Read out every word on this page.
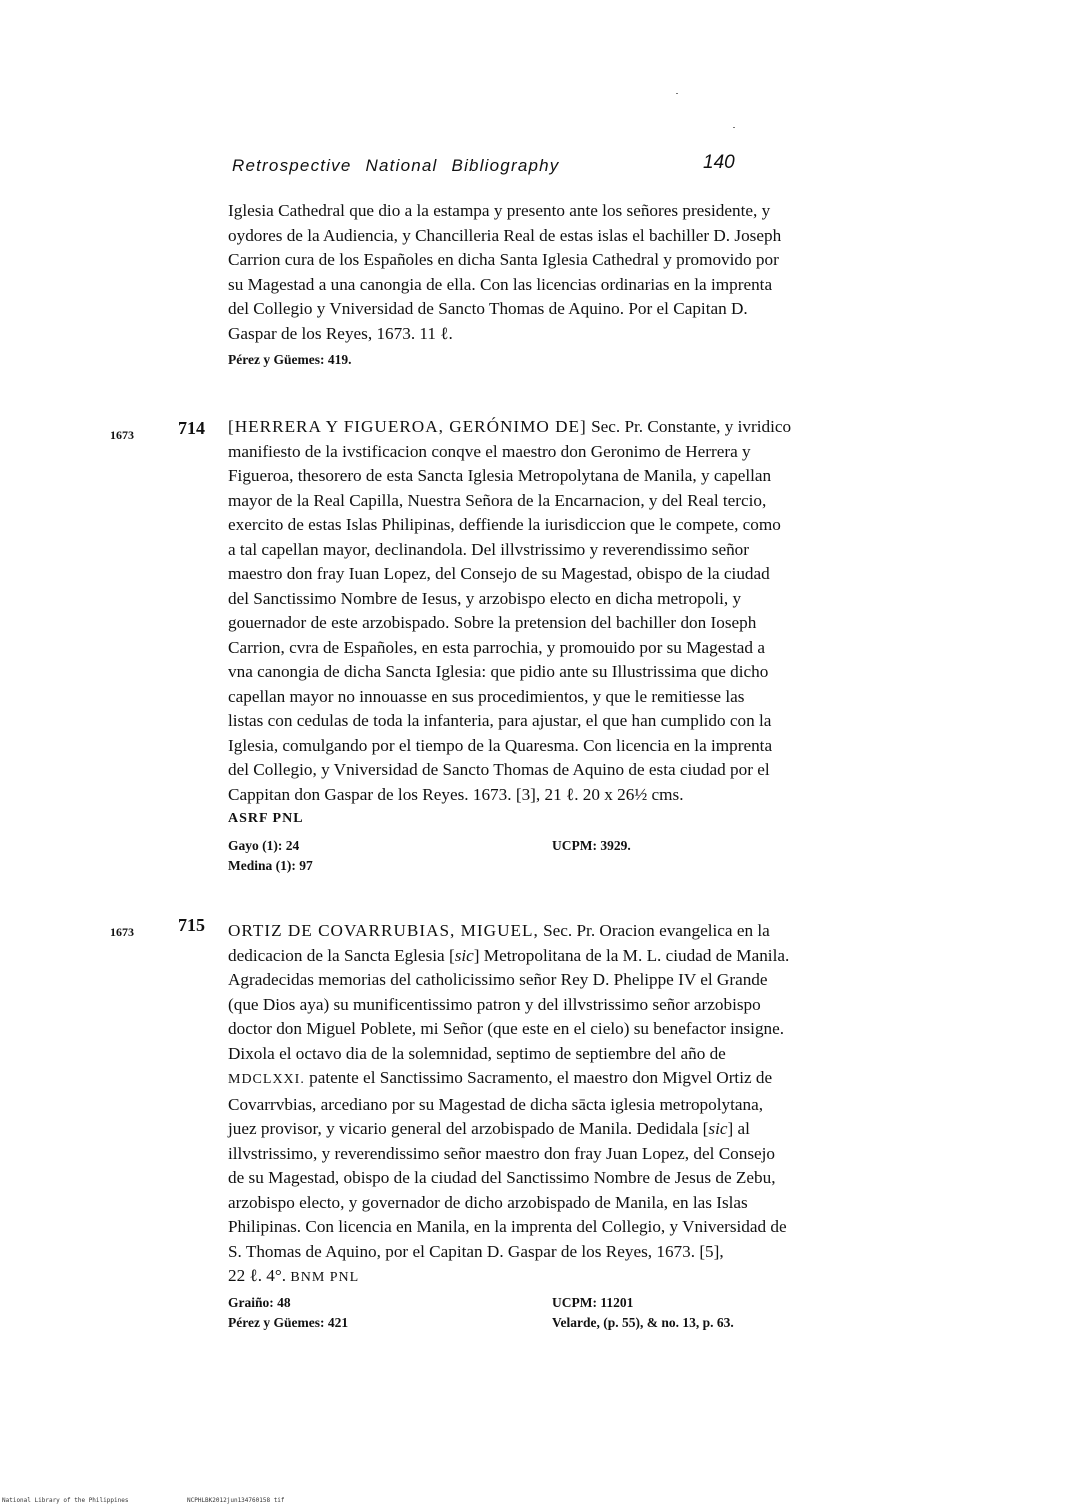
Retrospective National Bibliography	140
Iglesia Cathedral que dio a la estampa y presento ante los señores presidente, y
oydores de la Audiencia, y Chancilleria Real de estas islas el bachiller D. Joseph
Carrion cura de los Españoles en dicha Santa Iglesia Cathedral y promovido por
su Magestad a una canongia de ella. Con las licencias ordinarias en la imprenta
del Collegio y Vniversidad de Sancto Thomas de Aquino. Por el Capitan D.
Gaspar de los Reyes, 1673. 11 ℓ.
Pérez y Güemes: 419.
1673 714 [HERRERA Y FIGUEROA, GERÓNIMO DE] Sec. Pr. Constante, y ivridico
manifiesto de la ivstificacion conqve el maestro don Geronimo de Herrera y
Figueroa, thesorero de esta Sancta Iglesia Metropolytana de Manila, y capellan
mayor de la Real Capilla, Nuestra Señora de la Encarnacion, y del Real tercio,
exercito de estas Islas Philipinas, deffiende la iurisdiccion que le compete, como
a tal capellan mayor, declinandola. Del illvstrissimo y reverendissimo señor
maestro don fray Iuan Lopez, del Consejo de su Magestad, obispo de la ciudad
del Sanctissimo Nombre de Iesus, y arzobispo electo en dicha metropoli, y
gouernador de este arzobispado. Sobre la pretension del bachiller don Ioseph
Carrion, cvra de Españoles, en esta parrochia, y promouido por su Magestad a
vna canongia de dicha Sancta Iglesia: que pidio ante su Illustrissima que dicho
capellan mayor no innouasse en sus procedimientos, y que le remitiesse las
listas con cedulas de toda la infanteria, para ajustar, el que han cumplido con la
Iglesia, comulgando por el tiempo de la Quaresma. Con licencia en la imprenta
del Collegio, y Vniversidad de Sancto Thomas de Aquino de esta ciudad por el
Cappitan don Gaspar de los Reyes. 1673. [3], 21 ℓ. 20 x 26½ cms.
ASRF PNL
Gayo (1): 24
Medina (1): 97
UCPM: 3929.
1673 715 ORTIZ DE COVARRUBIAS, MIGUEL, Sec. Pr. Oracion evangelica en la
dedicacion de la Sancta Eglesia [sic] Metropolitana de la M. L. ciudad de Manila.
Agradecidas memorias del catholicissimo señor Rey D. Phelippe IV el Grande
(que Dios aya) su munificentissimo patron y del illvstrissimo señor arzobispo
doctor don Miguel Poblete, mi Señor (que este en el cielo) su benefactor insigne.
Dixola el octavo dia de la solemnidad, septimo de septiembre del año de
MDCLXXI. patente el Sanctissimo Sacramento, el maestro don Migvel Ortiz de
Covarrvbias, arcediano por su Magestad de dicha sācta iglesia metropolytana,
juez provisor, y vicario general del arzobispado de Manila. Dedidala [sic] al
illvstrissimo, y reverendissimo señor maestro don fray Juan Lopez, del Consejo
de su Magestad, obispo de la ciudad del Sanctissimo Nombre de Jesus de Zebu,
arzobispo electo, y governador de dicho arzobispado de Manila, en las Islas
Philipinas. Con licencia en Manila, en la imprenta del Collegio, y Vniversidad de
S. Thomas de Aquino, por el Capitan D. Gaspar de los Reyes, 1673. [5],
22 ℓ. 4°. BNM PNL
Graiño: 48
Pérez y Güemes: 421
UCPM: 11201
Velarde, (p. 55), & no. 13, p. 63.
National Library of the Philippines	NCPHLBK2012jun134760158 tif
